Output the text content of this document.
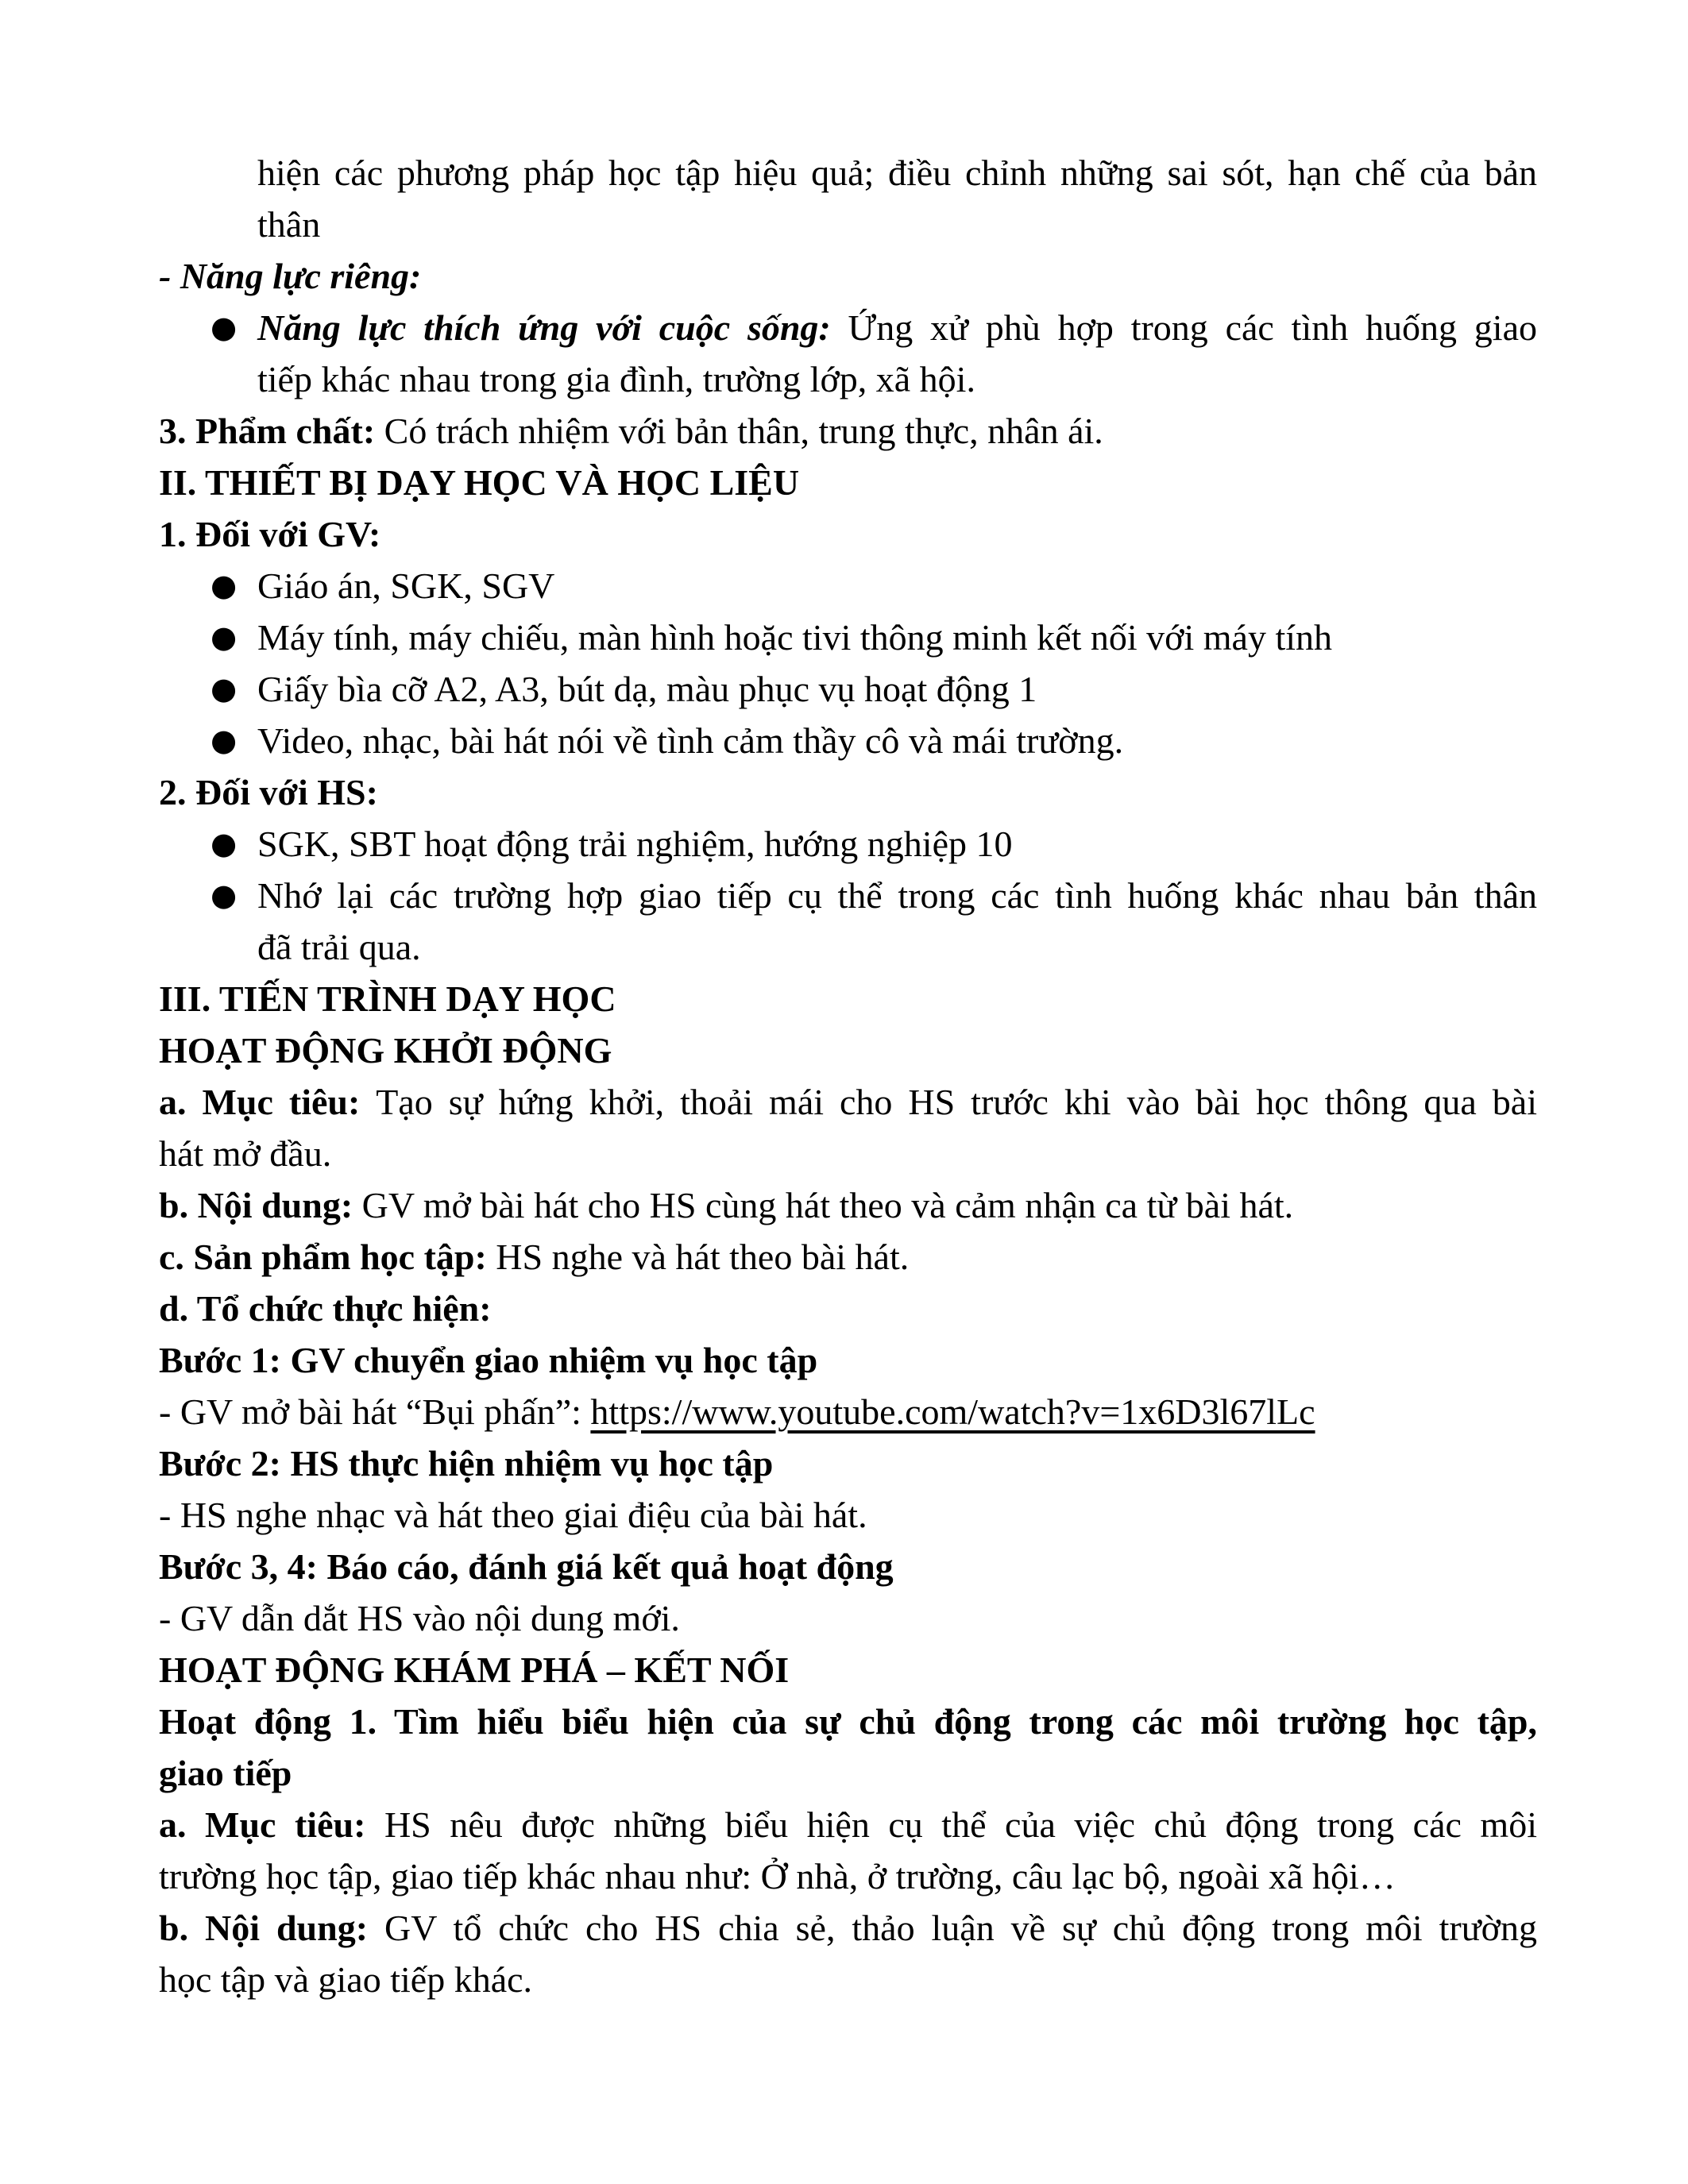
hiện các phương pháp học tập hiệu quả; điều chỉnh những sai sót, hạn chế của bản
thân
- Năng lực riêng:
● Năng lực thích ứng với cuộc sống: Ứng xử phù hợp trong các tình huống giao
tiếp khác nhau trong gia đình, trường lớp, xã hội.
3. Phẩm chất: Có trách nhiệm với bản thân, trung thực, nhân ái.
II. THIẾT BỊ DẠY HỌC VÀ HỌC LIỆU
1. Đối với GV:
● Giáo án, SGK, SGV
● Máy tính, máy chiếu, màn hình hoặc tivi thông minh kết nối với máy tính
● Giấy bìa cỡ A2, A3, bút dạ, màu phục vụ hoạt động 1
● Video, nhạc, bài hát nói về tình cảm thầy cô và mái trường.
2. Đối với HS:
● SGK, SBT hoạt động trải nghiệm, hướng nghiệp 10
● Nhớ lại các trường hợp giao tiếp cụ thể trong các tình huống khác nhau bản thân
đã trải qua.
III. TIẾN TRÌNH DẠY HỌC
HOẠT ĐỘNG KHỞI ĐỘNG
a. Mục tiêu: Tạo sự hứng khởi, thoải mái cho HS trước khi vào bài học thông qua bài
hát mở đầu.
b. Nội dung: GV mở bài hát cho HS cùng hát theo và cảm nhận ca từ bài hát.
c. Sản phẩm học tập: HS nghe và hát theo bài hát.
d. Tổ chức thực hiện:
Bước 1: GV chuyển giao nhiệm vụ học tập
- GV mở bài hát “Bụi phấn”: https://www.youtube.com/watch?v=1x6D3l67lLc
Bước 2: HS thực hiện nhiệm vụ học tập
- HS nghe nhạc và hát theo giai điệu của bài hát.
Bước 3, 4: Báo cáo, đánh giá kết quả hoạt động
- GV dẫn dắt HS vào nội dung mới.
HOẠT ĐỘNG KHÁM PHÁ – KẾT NỐI
Hoạt động 1. Tìm hiểu biểu hiện của sự chủ động trong các môi trường học tập,
giao tiếp
a. Mục tiêu: HS nêu được những biểu hiện cụ thể của việc chủ động trong các môi
trường học tập, giao tiếp khác nhau như: Ở nhà, ở trường, câu lạc bộ, ngoài xã hội…
b. Nội dung: GV tổ chức cho HS chia sẻ, thảo luận về sự chủ động trong môi trường
học tập và giao tiếp khác.
